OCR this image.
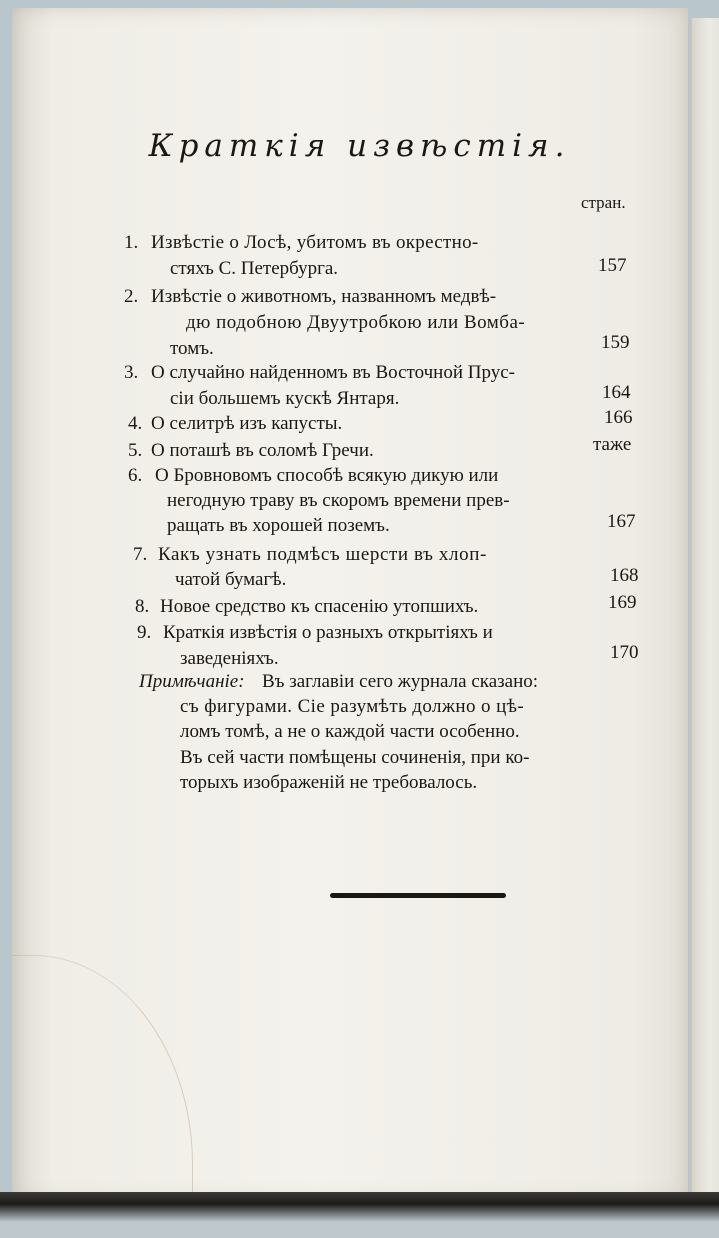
Краткія извѣстія.
стран.
1. Извѣстіе о Лосѣ, убитомъ въ окрестно-
стяхъ С. Петербурга.	157
2. Извѣстіе о животномъ, названномъ медвѣ-
дю подобною Двуутробкою или Вомба-
томъ.	159
3. О случайно найденномъ въ Восточной Прус-
сіи большемъ кускѣ Янтаря.	164
4. О селитрѣ изъ капусты.	166
5. О поташѣ въ соломѣ Гречи.	таже
6. О Бровновомъ способѣ всякую дикую или
негодную траву въ скоромъ времени прев-
ращать въ хорошей поземъ.	167
7. Какъ узнать подмѣсъ шерсти въ хлоп-
чатой бумагѣ.	168
8. Новое средство къ спасенію утопшихъ.	169
9. Краткія извѣстія о разныхъ открытіяхъ и
заведеніяхъ.	170
Примѣчаніе: Въ заглавіи сего журнала сказано:
съ фигурами. Сіе разумѣть должно о цѣ-
ломъ томѣ, а не о каждой части особенно.
Въ сей части помѣщены сочиненія, при ко-
торыхъ изображеній не требовалось.
